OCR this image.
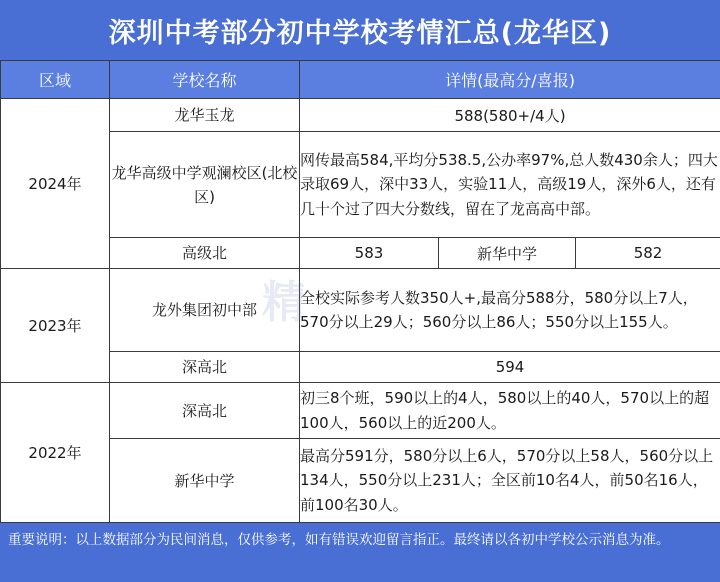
深圳中考部分初中学校考情汇总(龙华区)
区域	学校名称	详情(最高分/喜报)		
2024年	龙华玉龙	588(580+/4人)		
	龙华高级中学观澜校区(北校区)	网传最高584,平均分538.5,公办率97%,总人数430余人；四大录取69人，深中33人，实验11人，高级19人，深外6人，还有几十个过了四大分数线，留在了龙高高中部。		
	高级北	583	新华中学	582
2023年	龙外集团初中部	全校实际参考人数350人+,最高分588分，580分以上7人，570分以上29人；560分以上86人；550分以上155人。		
	深高北	594		
2022年	深高北	初三8个班，590以上的4人，580以上的40人，570以上的超100人，560以上的近200人。		
	新华中学	最高分591分，580分以上6人，570分以上58人，560分以上134人，550分以上231人；全区前10名4人，前50名16人，前100名30人。		
精
重要说明：以上数据部分为民间消息，仅供参考，如有错误欢迎留言指正。最终请以各初中学校公示消息为准。
